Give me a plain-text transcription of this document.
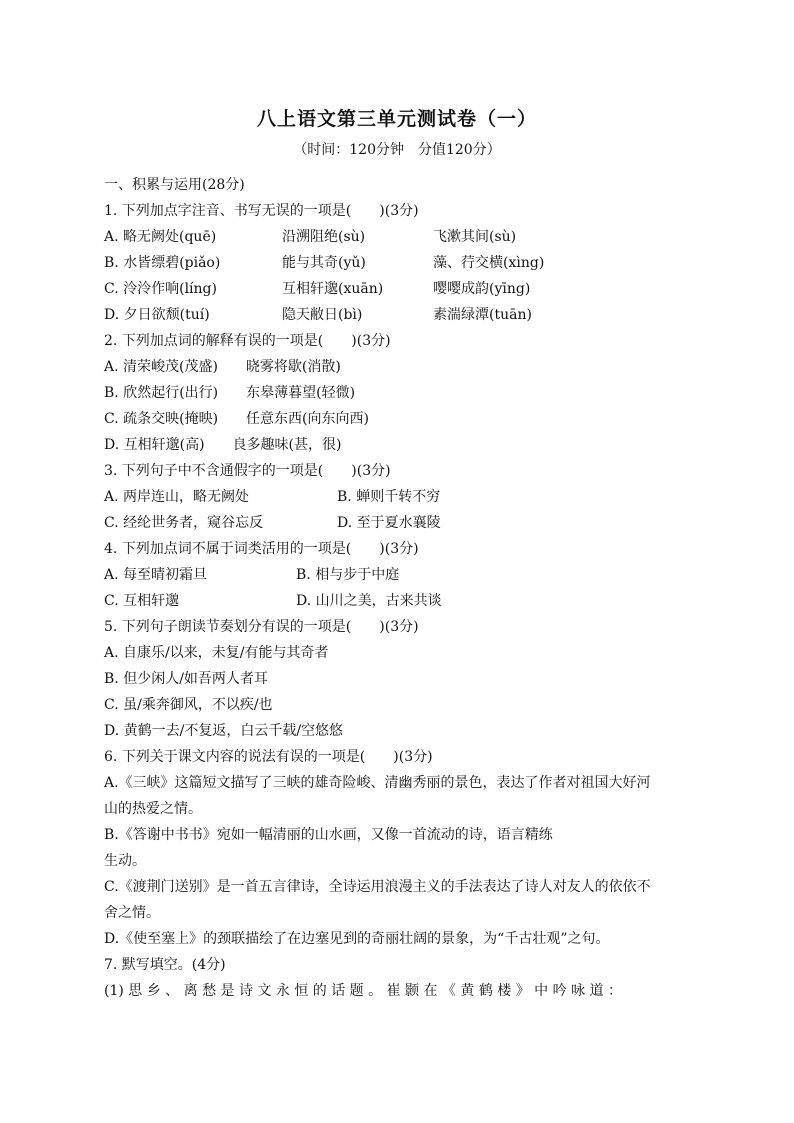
八上语文第三单元测试卷（一）
（时间：120分钟　分值120分）
一、积累与运用(28分)
1. 下列加点字注音、书写无误的一项是(　　)(3分)
A. 略无阙处(quē)	沿溯阻绝(sù)	飞漱其间(sù)
B. 水皆缥碧(piǎo)	能与其奇(yǔ)	藻、荇交横(xìng)
C. 泠泠作响(líng)	互相轩邈(xuān)	嘤嘤成韵(yīng)
D. 夕日欲颓(tuí)	隐天敝日(bì)	素湍绿潭(tuān)
2. 下列加点词的解释有误的一项是(　　)(3分)
A. 清荣峻茂(茂盛)　　晓雾将歇(消散)
B. 欣然起行(出行)　　东皋薄暮望(轻微)
C. 疏条交映(掩映)　　任意东西(向东向西)
D. 互相轩邈(高)　　良多趣味(甚，很)
3. 下列句子中不含通假字的一项是(　　)(3分)
A. 两岸连山，略无阙处	B. 蝉则千转不穷
C. 经纶世务者，窥谷忘反	D. 至于夏水襄陵
4. 下列加点词不属于词类活用的一项是(　　)(3分)
A. 每至晴初霜旦	B. 相与步于中庭
C. 互相轩邈	D. 山川之美，古来共谈
5. 下列句子朗读节奏划分有误的一项是(　　)(3分)
A. 自康乐/以来，未复/有能与其奇者
B. 但少闲人/如吾两人者耳
C. 虽/乘奔御风，不以疾/也
D. 黄鹤一去/不复返，白云千载/空悠悠
6. 下列关于课文内容的说法有误的一项是(　　)(3分)
A.《三峡》这篇短文描写了三峡的雄奇险峻、清幽秀丽的景色，表达了作者对祖国大好河
山的热爱之情。
B.《答谢中书书》宛如一幅清丽的山水画，又像一首流动的诗，语言精练
生动。
C.《渡荆门送别》是一首五言律诗，全诗运用浪漫主义的手法表达了诗人对友人的依依不
舍之情。
D.《使至塞上》的颈联描绘了在边塞见到的奇丽壮阔的景象，为“千古壮观”之句。
7. 默写填空。(4分)
(1) 思 乡 、 离 愁 是 诗 文 永 恒 的 话 题 。 崔 颢 在 《 黄 鹤 楼 》 中 吟 咏 道 ：
